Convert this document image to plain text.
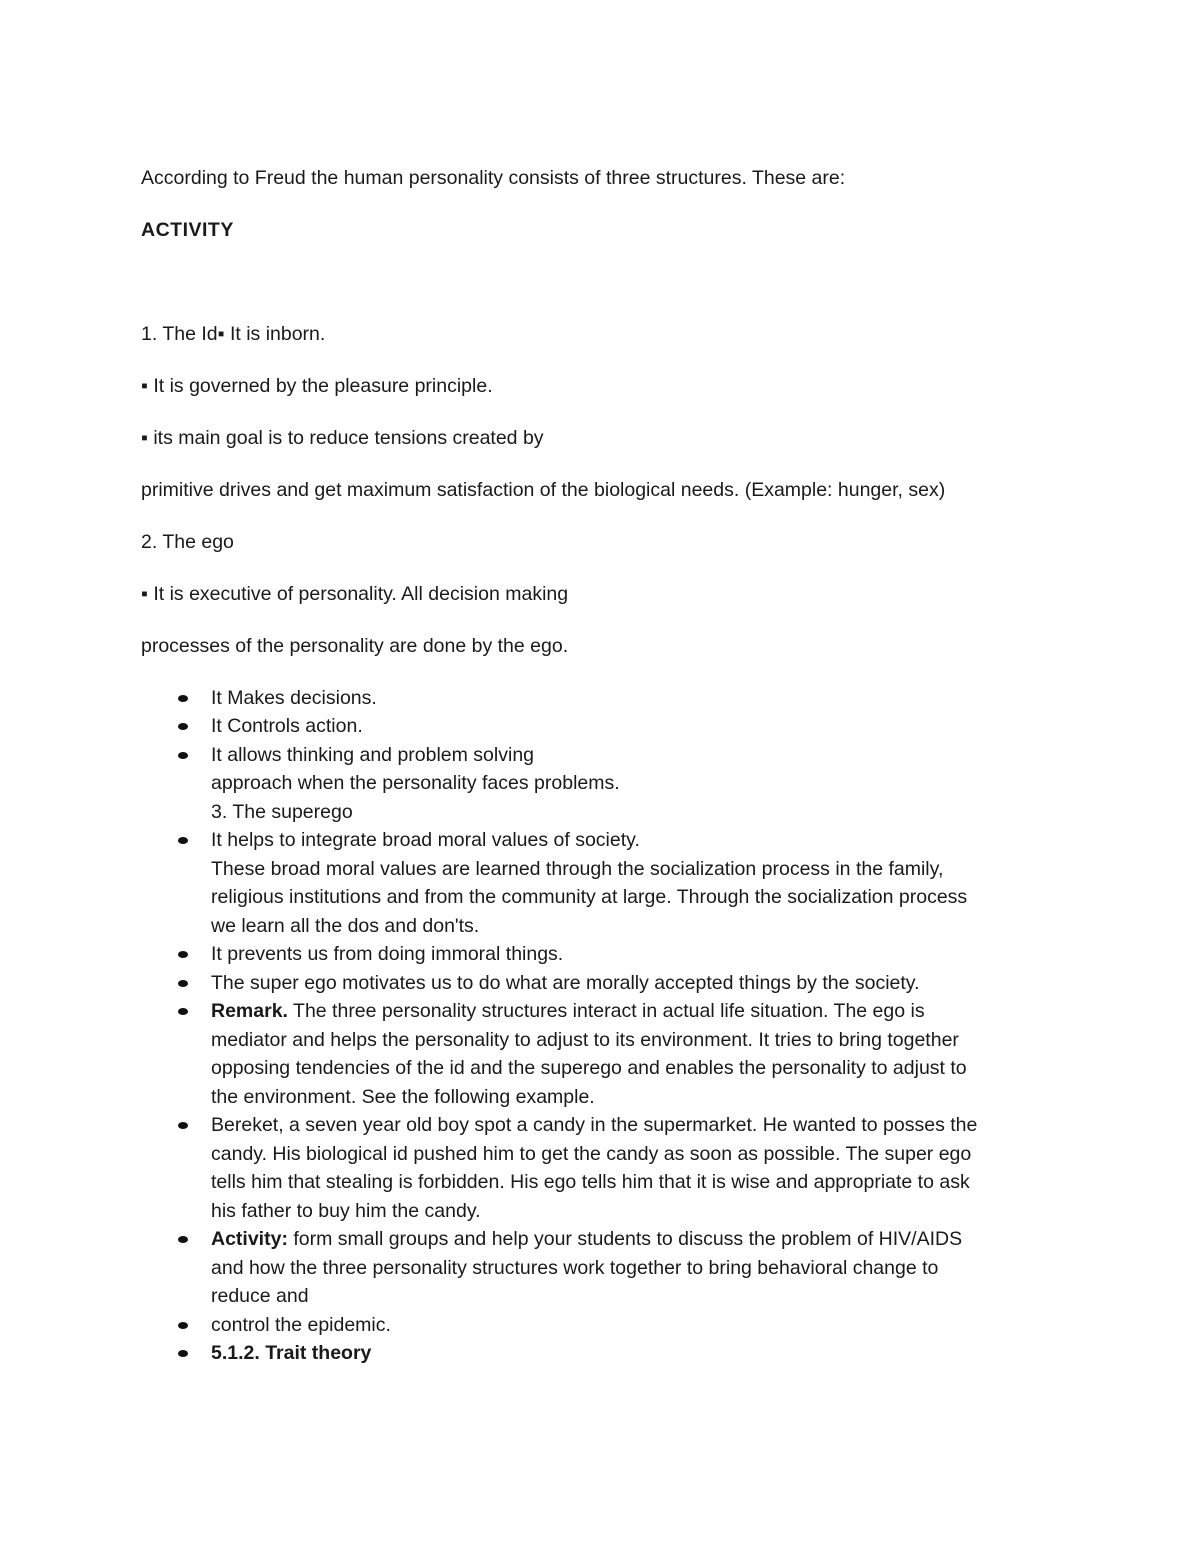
According to Freud the human personality consists of three structures. These are:

ACTIVITY

1. The Id▪ It is inborn.

▪ It is governed by the pleasure principle.

▪ its main goal is to reduce tensions created by

primitive drives and get maximum satisfaction of the biological needs. (Example: hunger, sex)

2. The ego

▪ It is executive of personality. All decision making

processes of the personality are done by the ego.

It Makes decisions.
It Controls action.
It allows thinking and problem solving
approach when the personality faces problems.
3. The superego
It helps to integrate broad moral values of society.
These broad moral values are learned through the socialization process in the family,
religious institutions and from the community at large. Through the socialization process
we learn all the dos and don'ts.
It prevents us from doing immoral things.
The super ego motivates us to do what are morally accepted things by the society.
Remark. The three personality structures interact in actual life situation. The ego is
mediator and helps the personality to adjust to its environment. It tries to bring together
opposing tendencies of the id and the superego and enables the personality to adjust to
the environment. See the following example.
Bereket, a seven year old boy spot a candy in the supermarket. He wanted to posses the
candy. His biological id pushed him to get the candy as soon as possible. The super ego
tells him that stealing is forbidden. His ego tells him that it is wise and appropriate to ask
his father to buy him the candy.
Activity: form small groups and help your students to discuss the problem of HIV/AIDS
and how the three personality structures work together to bring behavioral change to
reduce and
control the epidemic.
5.1.2. Trait theory
